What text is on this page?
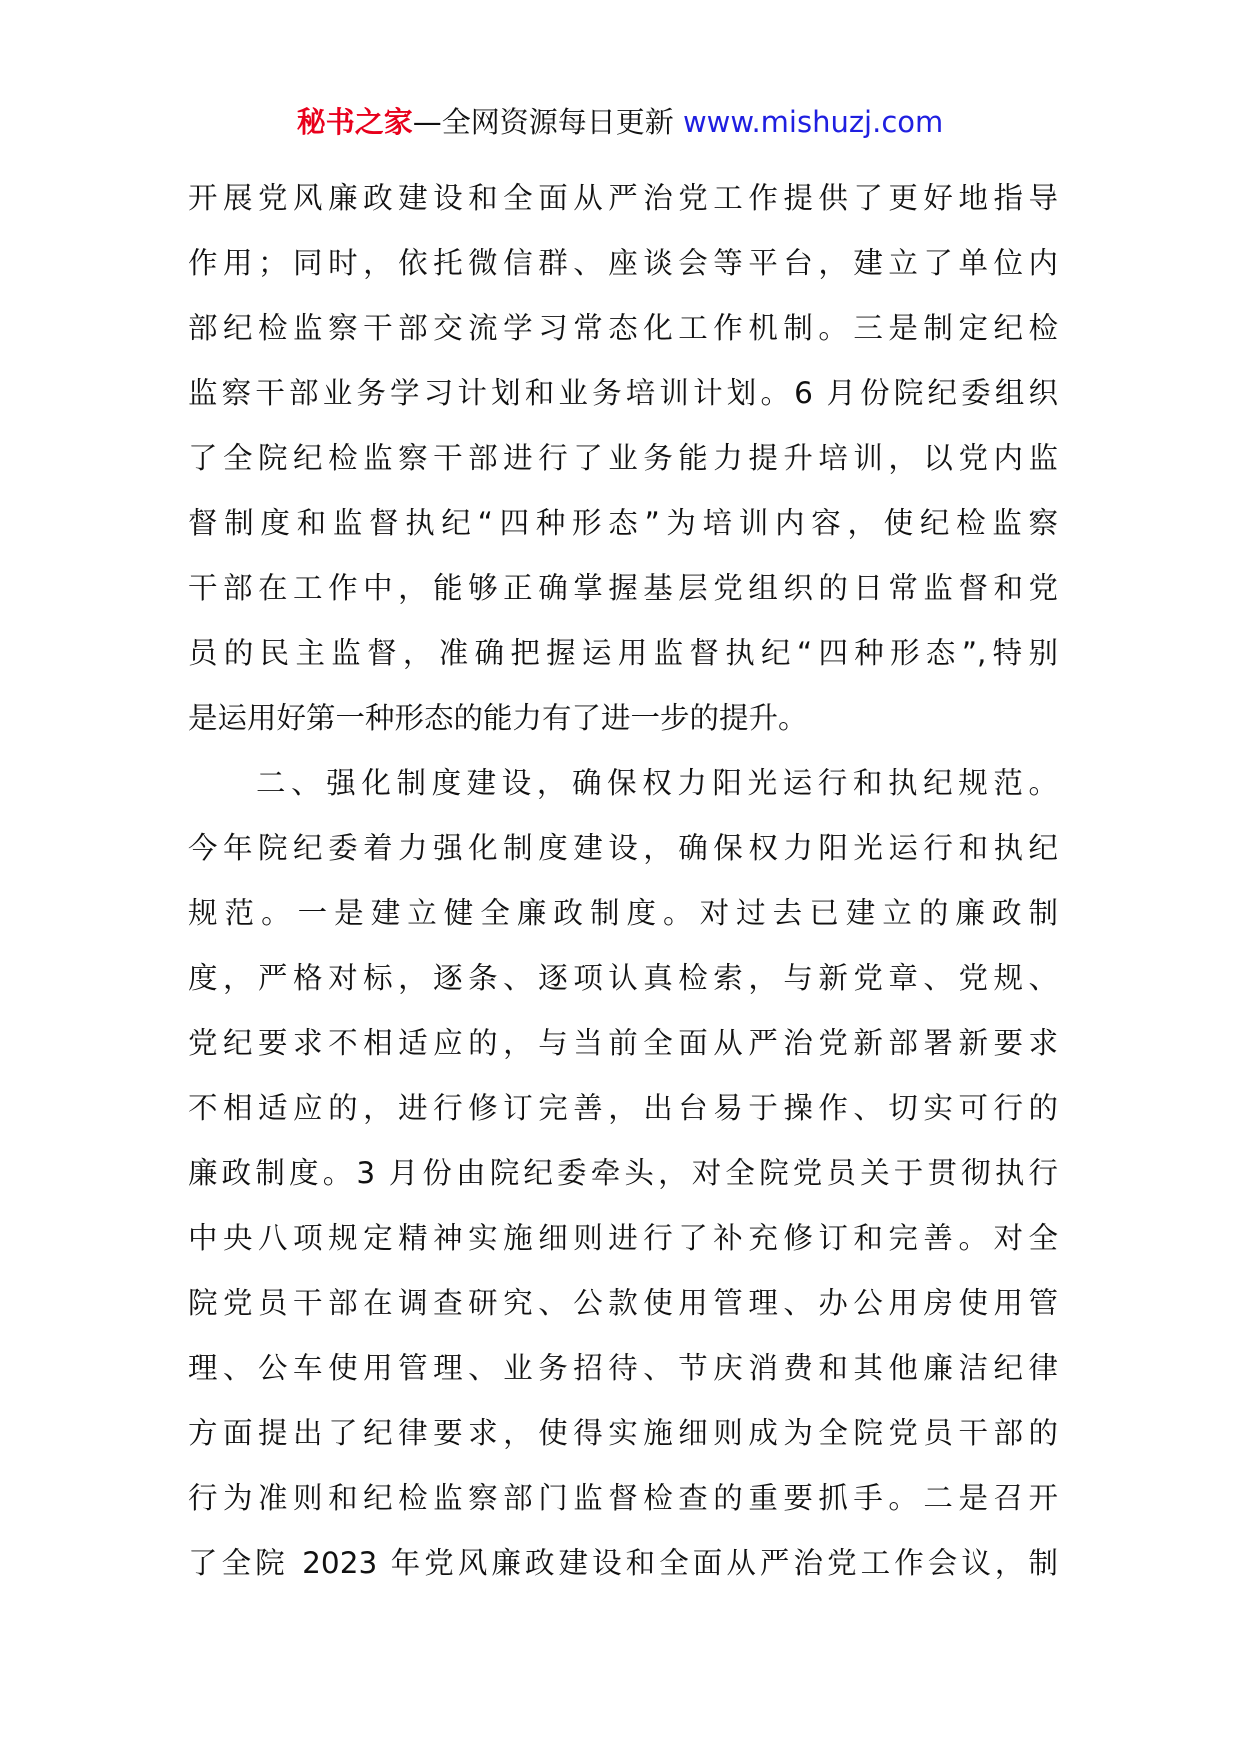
秘书之家—全网资源每日更新 www.mishuzj.com
开展党风廉政建设和全面从严治党工作提供了更好地指导
作用；同时，依托微信群、座谈会等平台，建立了单位内
部纪检监察干部交流学习常态化工作机制。三是制定纪检
监察干部业务学习计划和业务培训计划。6 月份院纪委组织
了全院纪检监察干部进行了业务能力提升培训，以党内监
督制度和监督执纪“四种形态”为培训内容，使纪检监察
干部在工作中，能够正确掌握基层党组织的日常监督和党
员的民主监督，准确把握运用监督执纪“四种形态”,特别
是运用好第一种形态的能力有了进一步的提升。
二、强化制度建设，确保权力阳光运行和执纪规范。
今年院纪委着力强化制度建设，确保权力阳光运行和执纪
规范。一是建立健全廉政制度。对过去已建立的廉政制
度，严格对标，逐条、逐项认真检索，与新党章、党规、
党纪要求不相适应的，与当前全面从严治党新部署新要求
不相适应的，进行修订完善，出台易于操作、切实可行的
廉政制度。3 月份由院纪委牵头，对全院党员关于贯彻执行
中央八项规定精神实施细则进行了补充修订和完善。对全
院党员干部在调查研究、公款使用管理、办公用房使用管
理、公车使用管理、业务招待、节庆消费和其他廉洁纪律
方面提出了纪律要求，使得实施细则成为全院党员干部的
行为准则和纪检监察部门监督检查的重要抓手。二是召开
了全院 2023 年党风廉政建设和全面从严治党工作会议，制
